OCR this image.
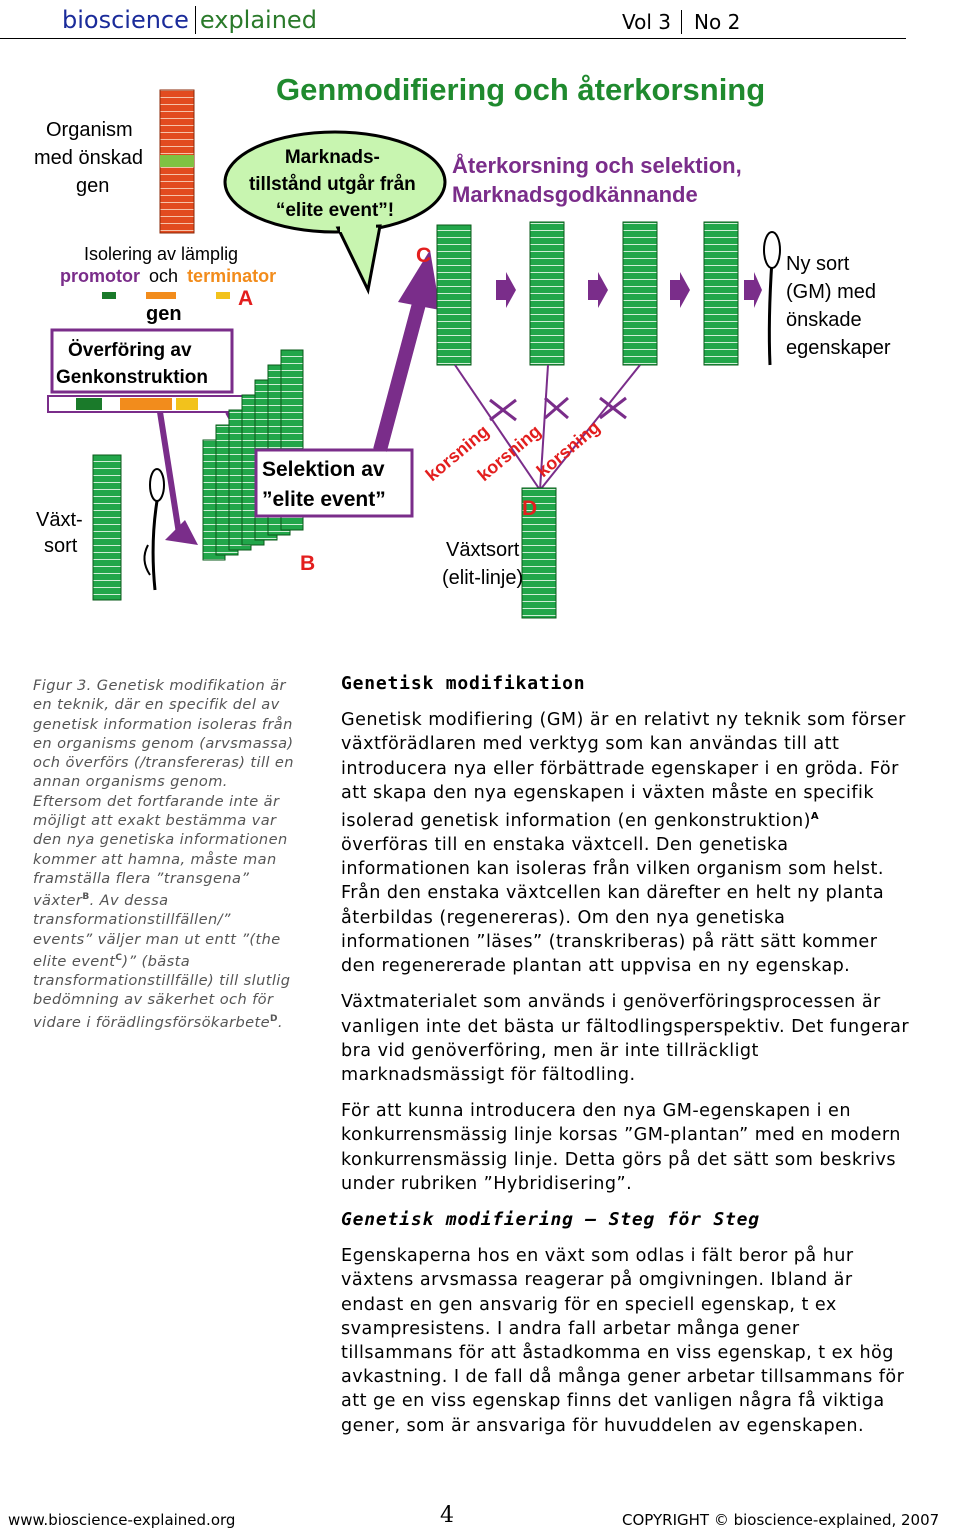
bioscience explained	Vol 3 No 2
Genmodifiering och återkorsning
Organism med önskad gen
Marknads- tillstånd utgår från “elite event”!
Återkorsning och selektion, Marknadsgodkännande
Isolering av lämplig
promotor och terminator
gen
A
Överföring av Genkonstruktion
Växt- sort
B
Selektion av ”elite event”
C	Ny sort (GM) med önskade egenskaper
korsning
korsning
korsning
D
Växtsort (elit-linje)
Figur 3. Genetisk modifikation är en teknik, där en specifik del av genetisk information isoleras från en organisms genom (arvsmassa) och överförs (/transfereras) till en annan organisms genom. Eftersom det fortfarande inte är möjligt att exakt bestämma var den nya genetiska informationen kommer att hamna, måste man framställa flera ”transgena” växter$^B$. Av dessa transformationstillfällen/” events” väljer man ut entt ”(the elite event$^C$)” (bästa transformationstillfälle) till slutlig bedömning av säkerhet och för vidare i förädlingsförsökarbete$^D$.
Genetisk modifikation

Genetisk modifiering (GM) är en relativt ny teknik som förser växtförädlaren med verktyg som kan användas till att introducera nya eller förbättrade egenskaper i en gröda. För att skapa den nya egenskapen i växten måste en specifik isolerad genetisk information (en genkonstruktion)$^A$ överföras till en enstaka växtcell. Den genetiska informationen kan isoleras från vilken organism som helst. Från den enstaka växtcellen kan därefter en helt ny planta återbildas (regenereras). Om den nya genetiska informationen ”läses” (transkriberas) på rätt sätt kommer den regenererade plantan att uppvisa en ny egenskap.

Växtmaterialet som används i genöverföringsprocessen är vanligen inte det bästa ur fältodlingsperspektiv. Det fungerar bra vid genöverföring, men är inte tillräckligt marknadsmässigt för fältodling.

För att kunna introducera den nya GM-egenskapen i en konkurrensmässig linje korsas ”GM-plantan” med en modern konkurrensmässig linje. Detta görs på det sätt som beskrivs under rubriken ”Hybridisering”.

Genetisk modifiering — Steg för Steg

Egenskaperna hos en växt som odlas i fält beror på hur växtens arvsmassa reagerar på omgivningen. Ibland är endast en gen ansvarig för en speciell egenskap, t ex svampresistens. I andra fall arbetar många gener tillsammans för att åstadkomma en viss egenskap, t ex hög avkastning. I de fall då många gener arbetar tillsammans för att ge en viss egenskap finns det vanligen några få viktiga gener, som är ansvariga för huvuddelen av egenskapen.

www.bioscience-explained.org	4	COPYRIGHT © bioscience-explained, 2007
